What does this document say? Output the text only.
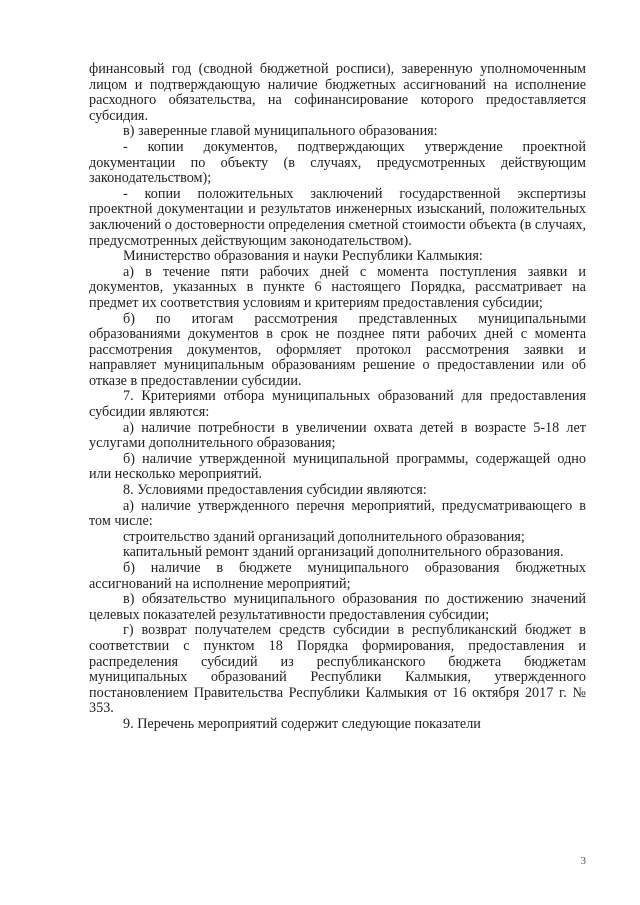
финансовый год (сводной бюджетной росписи), заверенную уполномоченным лицом и подтверждающую наличие бюджетных ассигнований на исполнение расходного обязательства, на софинансирование которого предоставляется субсидия.

в) заверенные главой муниципального образования:

- копии документов, подтверждающих утверждение проектной документации по объекту (в случаях, предусмотренных действующим законодательством);

- копии положительных заключений государственной экспертизы проектной документации и результатов инженерных изысканий, положительных заключений о достоверности определения сметной стоимости объекта (в случаях, предусмотренных действующим законодательством).

Министерство образования и науки Республики Калмыкия:

а) в течение пяти рабочих дней с момента поступления заявки и документов, указанных в пункте 6 настоящего Порядка, рассматривает на предмет их соответствия условиям и критериям предоставления субсидии;

б) по итогам рассмотрения представленных муниципальными образованиями документов в срок не позднее пяти рабочих дней с момента рассмотрения документов, оформляет протокол рассмотрения заявки и направляет муниципальным образованиям решение о предоставлении или об отказе в предоставлении субсидии.

7. Критериями отбора муниципальных образований для предоставления субсидии являются:

а) наличие потребности в увеличении охвата детей в возрасте 5-18 лет услугами дополнительного образования;

б) наличие утвержденной муниципальной программы, содержащей одно или несколько мероприятий.

8. Условиями предоставления субсидии являются:

а) наличие утвержденного перечня мероприятий, предусматривающего в том числе:

строительство зданий организаций дополнительного образования;

капитальный ремонт зданий организаций дополнительного образования.

б) наличие в бюджете муниципального образования бюджетных ассигнований на исполнение мероприятий;

в) обязательство муниципального образования по достижению значений целевых показателей результативности предоставления субсидии;

г) возврат получателем средств субсидии в республиканский бюджет в соответствии с пунктом 18 Порядка формирования, предоставления и распределения субсидий из республиканского бюджета бюджетам муниципальных образований Республики Калмыкия, утвержденного постановлением Правительства Республики Калмыкия от 16 октября 2017 г. № 353.

9. Перечень мероприятий содержит следующие показатели

3
